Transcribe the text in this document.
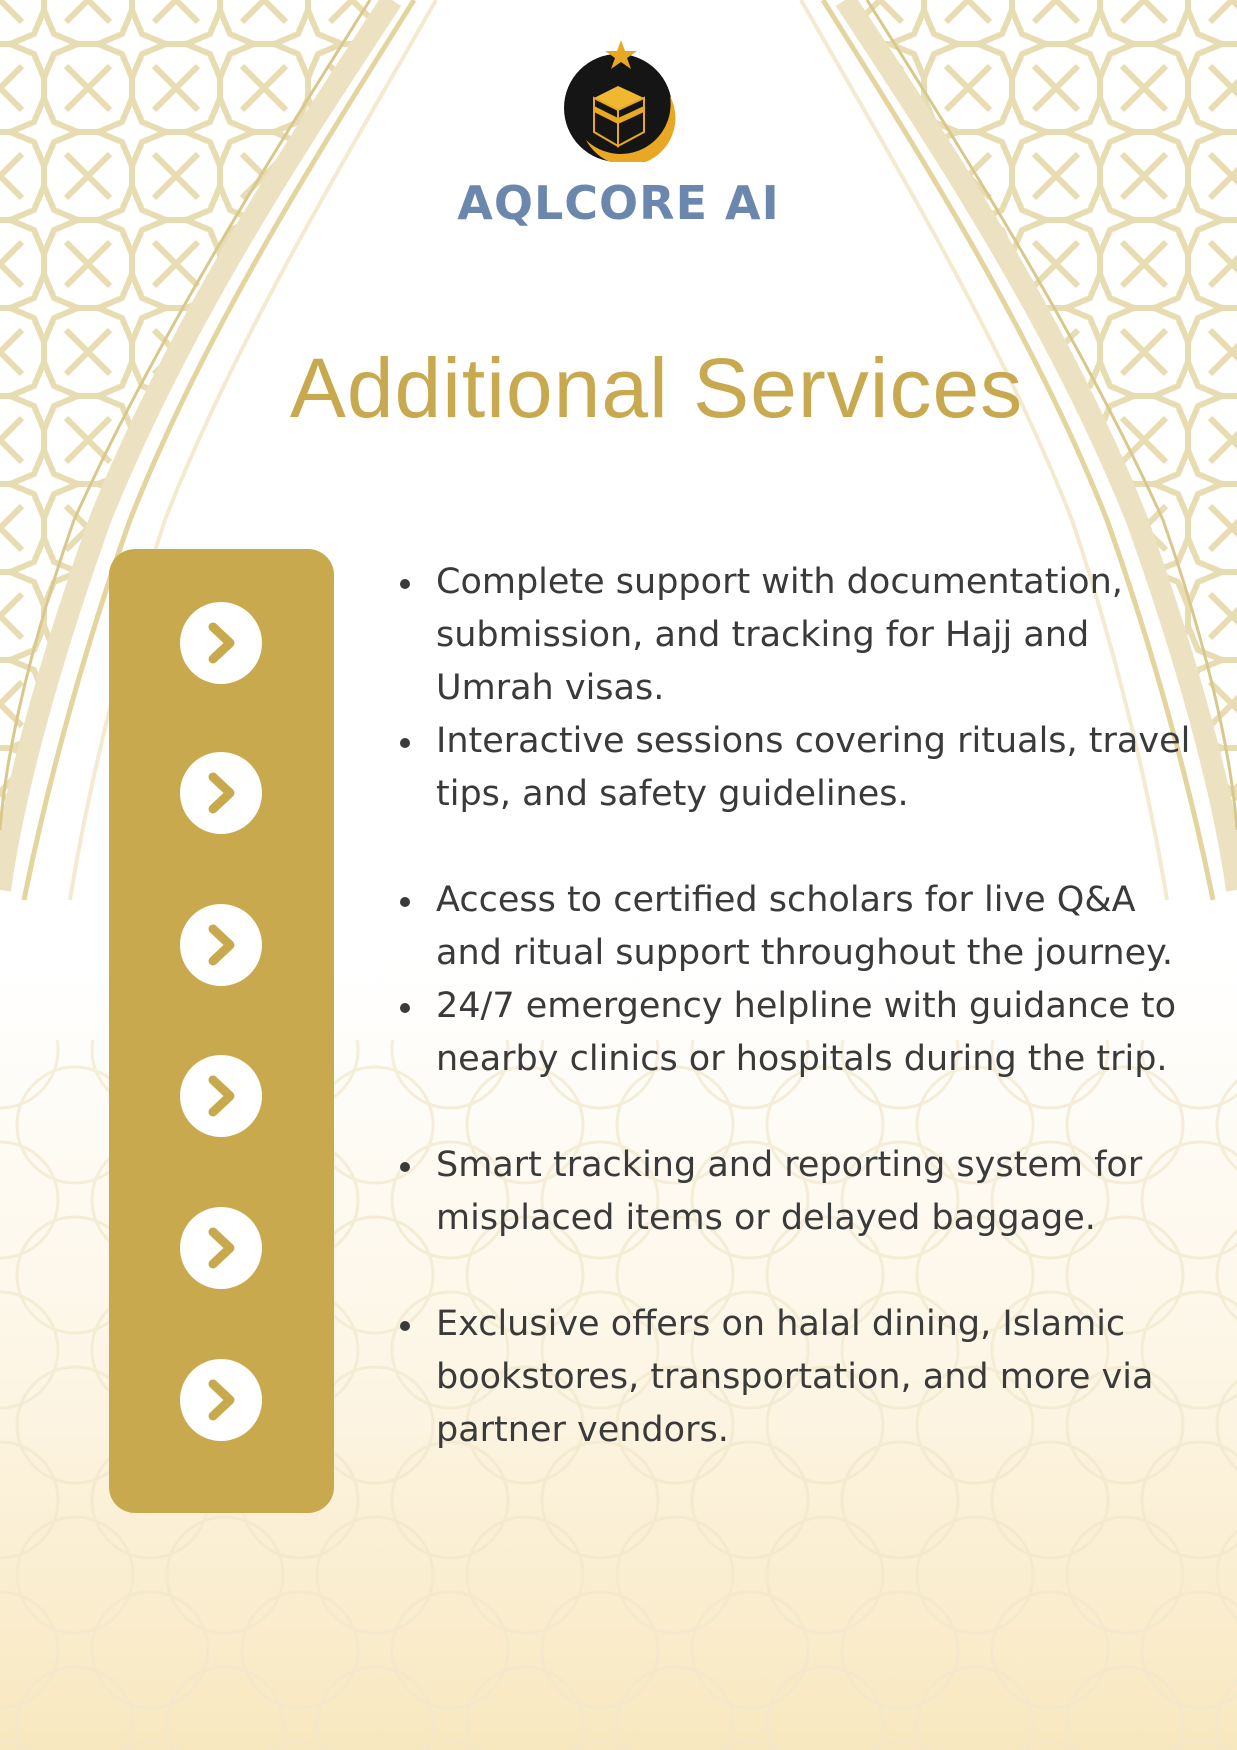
AQLCORE AI
Additional Services
Complete support with documentation, submission, and tracking for Hajj and Umrah visas.
Interactive sessions covering rituals, travel tips, and safety guidelines.
Access to certified scholars for live Q&A and ritual support throughout the journey.
24/7 emergency helpline with guidance to nearby clinics or hospitals during the trip.
Smart tracking and reporting system for misplaced items or delayed baggage.
Exclusive offers on halal dining, Islamic bookstores, transportation, and more via partner vendors.
